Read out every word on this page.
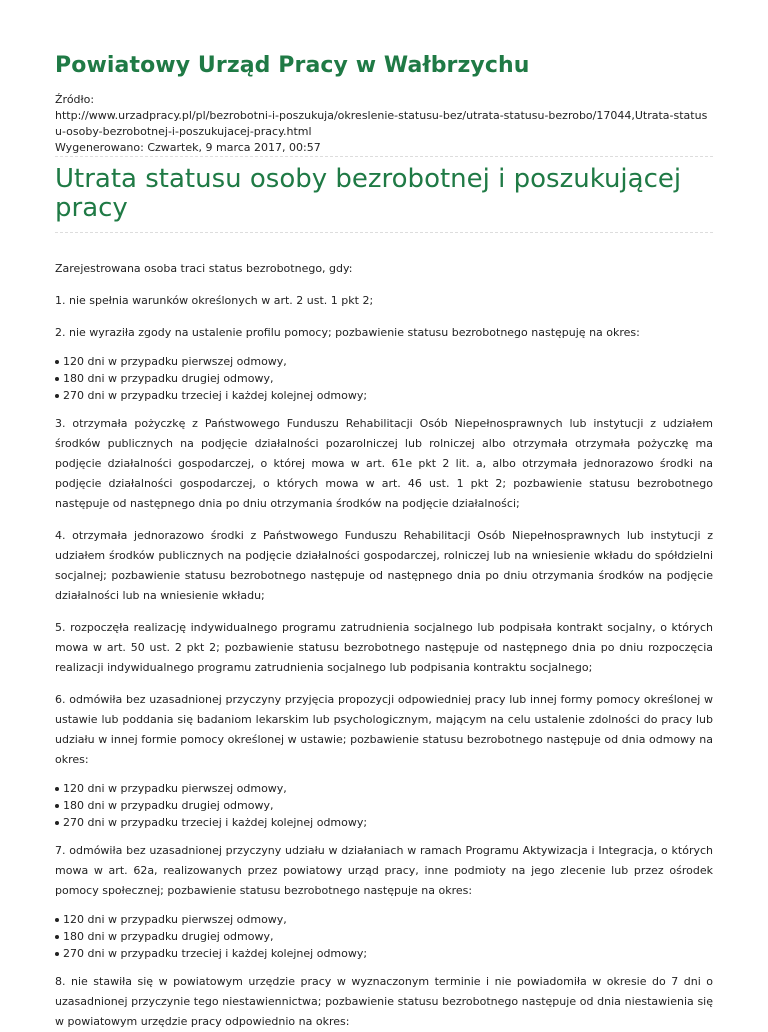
Powiatowy Urząd Pracy w Wałbrzychu
Źródło:
http://www.urzadpracy.pl/pl/bezrobotni-i-poszukuja/okreslenie-statusu-bez/utrata-statusu-bezrobo/17044,Utrata-statusu-osoby-bezrobotnej-i-poszukujacej-pracy.html
Wygenerowano: Czwartek, 9 marca 2017, 00:57
Utrata statusu osoby bezrobotnej i poszukującej pracy

Zarejestrowana osoba traci status bezrobotnego, gdy:

1. nie spełnia warunków określonych w art. 2 ust. 1 pkt 2;

2. nie wyraziła zgody na ustalenie profilu pomocy; pozbawienie statusu bezrobotnego następuję na okres:

120 dni w przypadku pierwszej odmowy,
180 dni w przypadku drugiej odmowy,
270 dni w przypadku trzeciej i każdej kolejnej odmowy;

3. otrzymała pożyczkę z Państwowego Funduszu Rehabilitacji Osób Niepełnosprawnych lub instytucji z udziałem środków publicznych na podjęcie działalności pozarolniczej lub rolniczej albo otrzymała otrzymała pożyczkę ma podjęcie działalności gospodarczej, o której mowa w art. 61e pkt 2 lit. a, albo otrzymała jednorazowo środki na podjęcie działalności gospodarczej, o których mowa w art. 46 ust. 1 pkt 2; pozbawienie statusu bezrobotnego następuje od następnego dnia po dniu otrzymania środków na podjęcie działalności;

4. otrzymała jednorazowo środki z Państwowego Funduszu Rehabilitacji Osób Niepełnosprawnych lub instytucji z udziałem środków publicznych na podjęcie działalności gospodarczej, rolniczej lub na wniesienie wkładu do spółdzielni socjalnej; pozbawienie statusu bezrobotnego następuje od następnego dnia po dniu otrzymania środków na podjęcie działalności lub na wniesienie wkładu;

5. rozpoczęła realizację indywidualnego programu zatrudnienia socjalnego lub podpisała kontrakt socjalny, o których mowa w art. 50 ust. 2 pkt 2; pozbawienie statusu bezrobotnego następuje od następnego dnia po dniu rozpoczęcia realizacji indywidualnego programu zatrudnienia socjalnego lub podpisania kontraktu socjalnego;

6. odmówiła bez uzasadnionej przyczyny przyjęcia propozycji odpowiedniej pracy lub innej formy pomocy określonej w ustawie lub poddania się badaniom lekarskim lub psychologicznym, mającym na celu ustalenie zdolności do pracy lub udziału w innej formie pomocy określonej w ustawie; pozbawienie statusu bezrobotnego następuje od dnia odmowy na okres:

120 dni w przypadku pierwszej odmowy,
180 dni w przypadku drugiej odmowy,
270 dni w przypadku trzeciej i każdej kolejnej odmowy;

7. odmówiła bez uzasadnionej przyczyny udziału w działaniach w ramach Programu Aktywizacja i Integracja, o których mowa w art. 62a, realizowanych przez powiatowy urząd pracy, inne podmioty na jego zlecenie lub przez ośrodek pomocy społecznej; pozbawienie statusu bezrobotnego następuje na okres:

120 dni w przypadku pierwszej odmowy,
180 dni w przypadku drugiej odmowy,
270 dni w przypadku trzeciej i każdej kolejnej odmowy;

8. nie stawiła się w powiatowym urzędzie pracy w wyznaczonym terminie i nie powiadomiła w okresie do 7 dni o uzasadnionej przyczynie tego niestawiennictwa; pozbawienie statusu bezrobotnego następuje od dnia niestawienia się w powiatowym urzędzie pracy odpowiednio na okres:
